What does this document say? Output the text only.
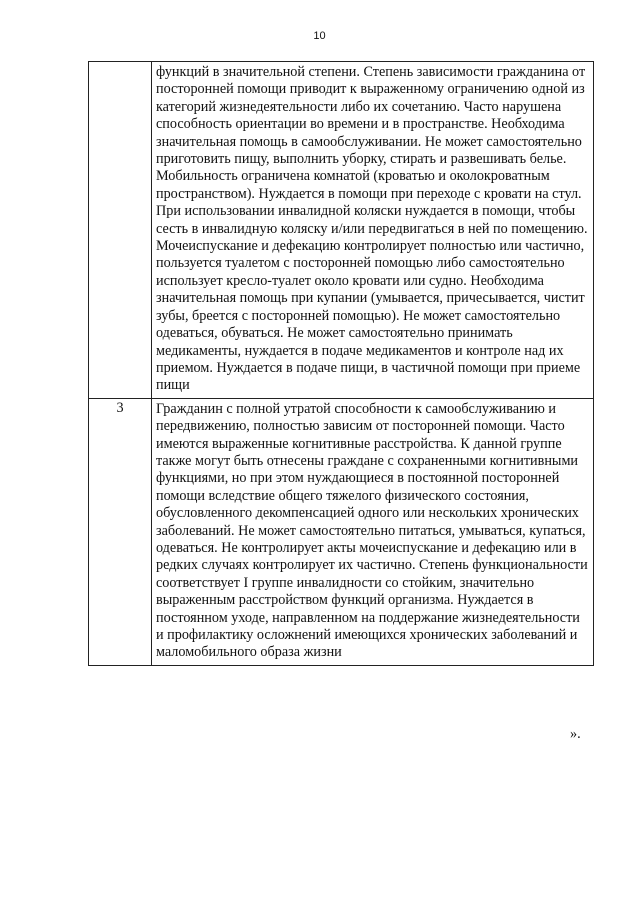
10

	функций в значительной степени. Степень зависимости гражданина от посторонней помощи приводит к выраженному ограничению одной из категорий жизнедеятельности либо их сочетанию. Часто нарушена способность ориентации во времени и в пространстве. Необходима значительная помощь в самообслуживании. Не может самостоятельно приготовить пищу, выполнить уборку, стирать и развешивать белье. Мобильность ограничена комнатой (кроватью и околокроватным пространством). Нуждается в помощи при переходе с кровати на стул. При использовании инвалидной коляски нуждается в помощи, чтобы сесть в инвалидную коляску и/или передвигаться в ней по помещению.
Мочеиспускание и дефекацию контролирует полностью или частично, пользуется туалетом с посторонней помощью либо самостоятельно использует кресло-туалет около кровати или судно. Необходима значительная помощь при купании (умывается, причесывается, чистит зубы, бреется с посторонней помощью). Не может самостоятельно одеваться, обуваться. Не может самостоятельно принимать медикаменты, нуждается в подаче медикаментов и контроле над их приемом. Нуждается в подаче пищи, в частичной помощи при приеме пищи

3	Гражданин с полной утратой способности к самообслуживанию и передвижению, полностью зависим от посторонней помощи. Часто имеются выраженные когнитивные расстройства. К данной группе также могут быть отнесены граждане с сохраненными когнитивными функциями, но при этом нуждающиеся в постоянной посторонней помощи вследствие общего тяжелого физического состояния, обусловленного декомпенсацией одного или нескольких хронических заболеваний. Не может самостоятельно питаться, умываться, купаться, одеваться. Не контролирует акты мочеиспускание и дефекацию или в редких случаях контролирует их частично. Степень функциональности соответствует I группе инвалидности со стойким, значительно выраженным расстройством функций организма. Нуждается в постоянном уходе, направленном на поддержание жизнедеятельности и профилактику осложнений имеющихся хронических заболеваний и маломобильного образа жизни
».
